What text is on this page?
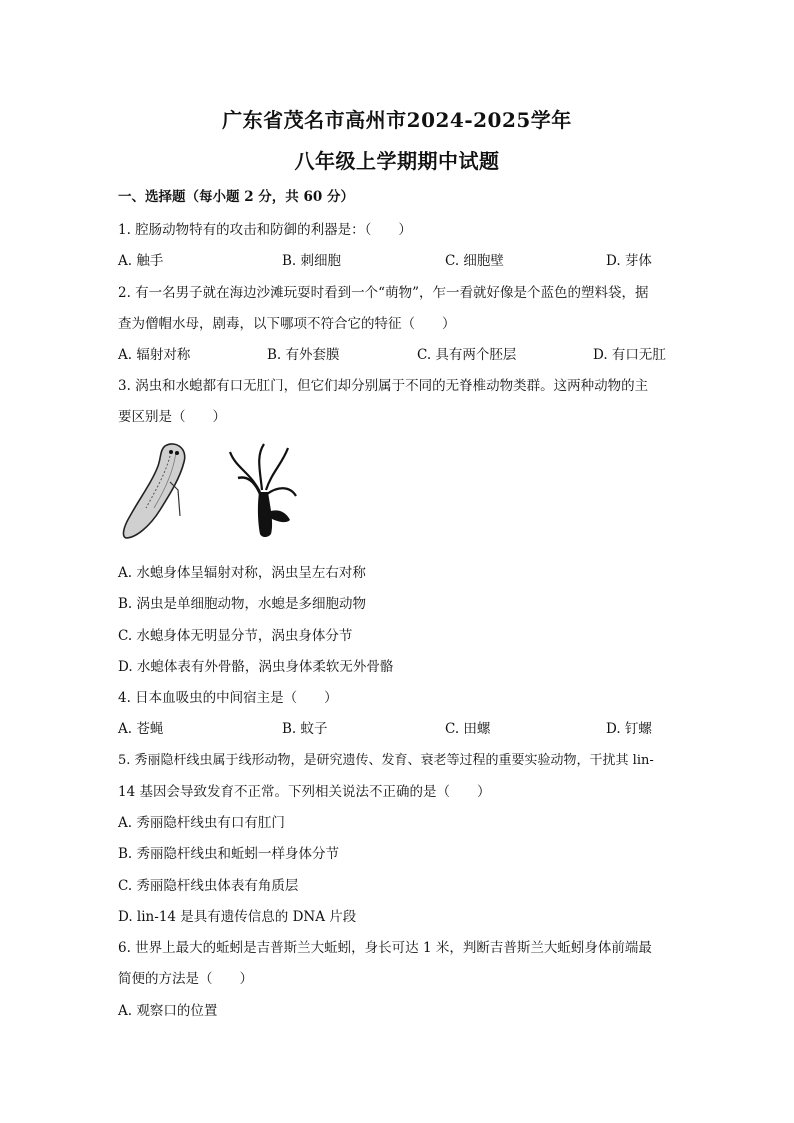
广东省茂名市高州市2024-2025学年
八年级上学期期中试题
一、选择题（每小题 2 分，共 60 分）
1. 腔肠动物特有的攻击和防御的利器是：（　　）
A. 触手	B. 刺细胞	C. 细胞壁	D. 芽体
2. 有一名男子就在海边沙滩玩耍时看到一个“萌物”，乍一看就好像是个蓝色的塑料袋，据
查为僧帽水母，剧毒，以下哪项不符合它的特征（　　）
A. 辐射对称	B. 有外套膜	C. 具有两个胚层	D. 有口无肛
3. 涡虫和水螅都有口无肛门，但它们却分别属于不同的无脊椎动物类群。这两种动物的主
要区别是（　　）
A. 水螅身体呈辐射对称，涡虫呈左右对称
B. 涡虫是单细胞动物，水螅是多细胞动物
C. 水螅身体无明显分节，涡虫身体分节
D. 水螅体表有外骨骼，涡虫身体柔软无外骨骼
4. 日本血吸虫的中间宿主是（　　）
A. 苍蝇	B. 蚊子	C. 田螺	D. 钉螺
5. 秀丽隐杆线虫属于线形动物，是研究遗传、发育、衰老等过程的重要实验动物，干扰其 lin-
14 基因会导致发育不正常。下列相关说法不正确的是（　　）
A. 秀丽隐杆线虫有口有肛门
B. 秀丽隐杆线虫和蚯蚓一样身体分节
C. 秀丽隐杆线虫体表有角质层
D. lin-14 是具有遗传信息的 DNA 片段
6. 世界上最大的蚯蚓是吉普斯兰大蚯蚓，身长可达 1 米，判断吉普斯兰大蚯蚓身体前端最
简便的方法是（　　）
A. 观察口的位置
